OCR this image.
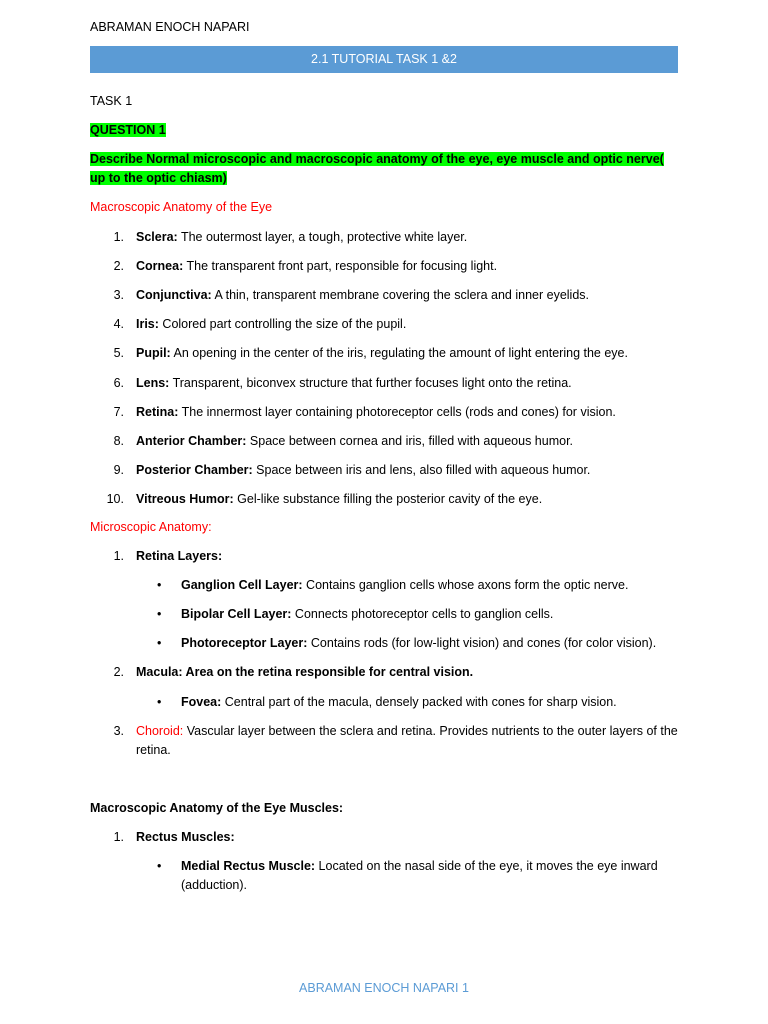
ABRAMAN ENOCH NAPARI
2.1 TUTORIAL TASK 1 &2
TASK 1
QUESTION 1
Describe Normal microscopic and macroscopic anatomy of the eye, eye muscle and optic nerve( up to the optic chiasm)
Macroscopic Anatomy of the Eye
1. Sclera: The outermost layer, a tough, protective white layer.
2. Cornea: The transparent front part, responsible for focusing light.
3. Conjunctiva: A thin, transparent membrane covering the sclera and inner eyelids.
4. Iris: Colored part controlling the size of the pupil.
5. Pupil: An opening in the center of the iris, regulating the amount of light entering the eye.
6. Lens: Transparent, biconvex structure that further focuses light onto the retina.
7. Retina: The innermost layer containing photoreceptor cells (rods and cones) for vision.
8. Anterior Chamber: Space between cornea and iris, filled with aqueous humor.
9. Posterior Chamber: Space between iris and lens, also filled with aqueous humor.
10. Vitreous Humor: Gel-like substance filling the posterior cavity of the eye.
Microscopic Anatomy:
1. Retina Layers:
• Ganglion Cell Layer: Contains ganglion cells whose axons form the optic nerve.
• Bipolar Cell Layer: Connects photoreceptor cells to ganglion cells.
• Photoreceptor Layer: Contains rods (for low-light vision) and cones (for color vision).
2. Macula: Area on the retina responsible for central vision.
• Fovea: Central part of the macula, densely packed with cones for sharp vision.
3. Choroid: Vascular layer between the sclera and retina. Provides nutrients to the outer layers of the retina.
Macroscopic Anatomy of the Eye Muscles:
1. Rectus Muscles:
• Medial Rectus Muscle: Located on the nasal side of the eye, it moves the eye inward (adduction).
ABRAMAN ENOCH NAPARI 1
